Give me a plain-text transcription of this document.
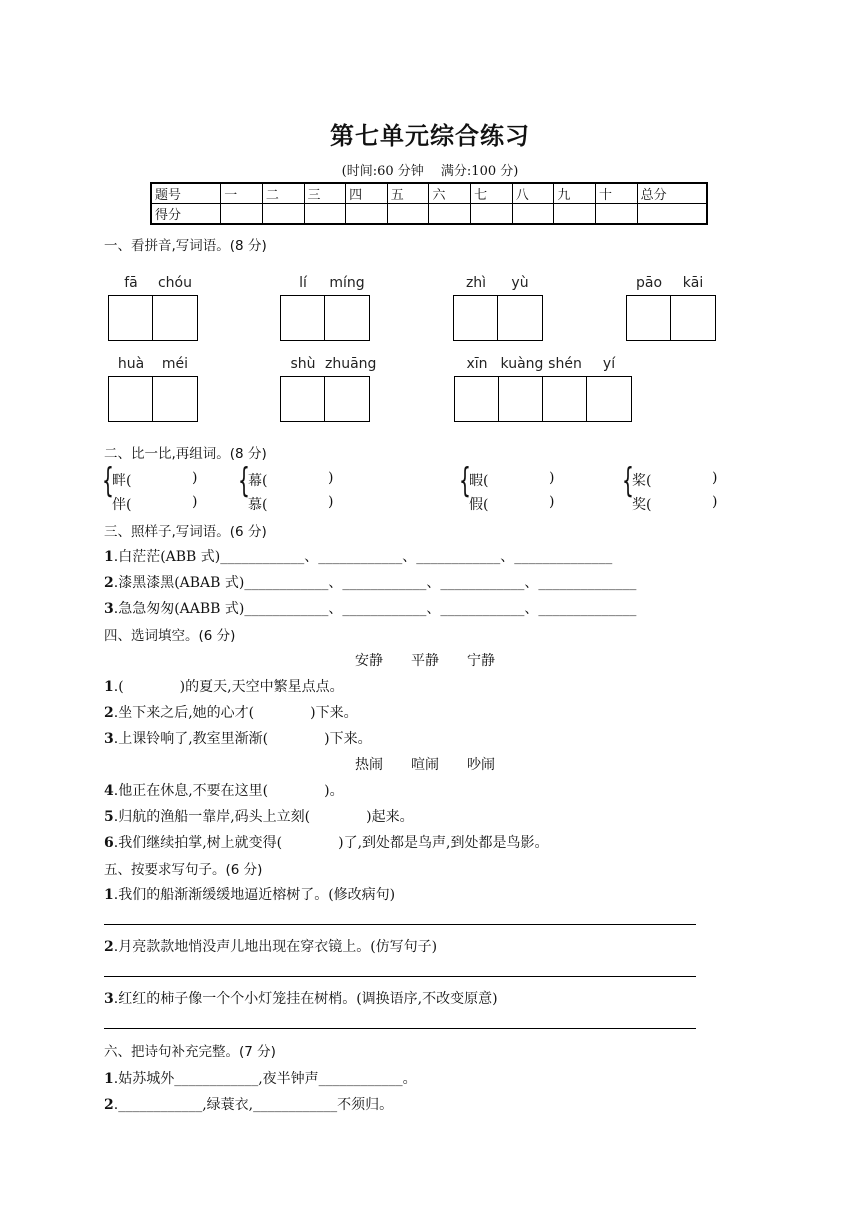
第七单元综合练习
(时间:60 分钟　 满分:100 分)
题号	一	二	三	四	五	六	七	八	九	十	总分
得分											
一、看拼音,写词语。(8 分)
fā	chóu	lí	míng	zhì	yù	pāo	kāi
huà	méi	shù zhuāng	xīn kuàng shén	yí
二、比一比,再组词。(8 分)
{
畔(	)
伴(	)
{
幕(	)
慕(	)
{
暇(	)
假(	)
{
桨(	)
奖(	)
三、照样子,写词语。(6 分)
1.白茫茫(ABB 式)____________、____________、____________、______________
2.漆黑漆黑(ABAB 式)____________、____________、____________、______________
3.急急匆匆(AABB 式)____________、____________、____________、______________
四、选词填空。(6 分)
安静　　平静　　宁静
1.(　　　　)的夏天,天空中繁星点点。
2.坐下来之后,她的心才(　　　　)下来。
3.上课铃响了,教室里渐渐(　　　　)下来。
热闹　　喧闹　　吵闹
4.他正在休息,不要在这里(　　　　)。
5.归航的渔船一靠岸,码头上立刻(　　　　)起来。
6.我们继续拍掌,树上就变得(　　　　)了,到处都是鸟声,到处都是鸟影。
五、按要求写句子。(6 分)
1.我们的船渐渐缓缓地逼近榕树了。(修改病句)
2.月亮款款地悄没声儿地出现在穿衣镜上。(仿写句子)
3.红红的柿子像一个个小灯笼挂在树梢。(调换语序,不改变原意)
六、把诗句补充完整。(7 分)
1.姑苏城外____________,夜半钟声____________。
2.____________,绿蓑衣,____________不须归。
